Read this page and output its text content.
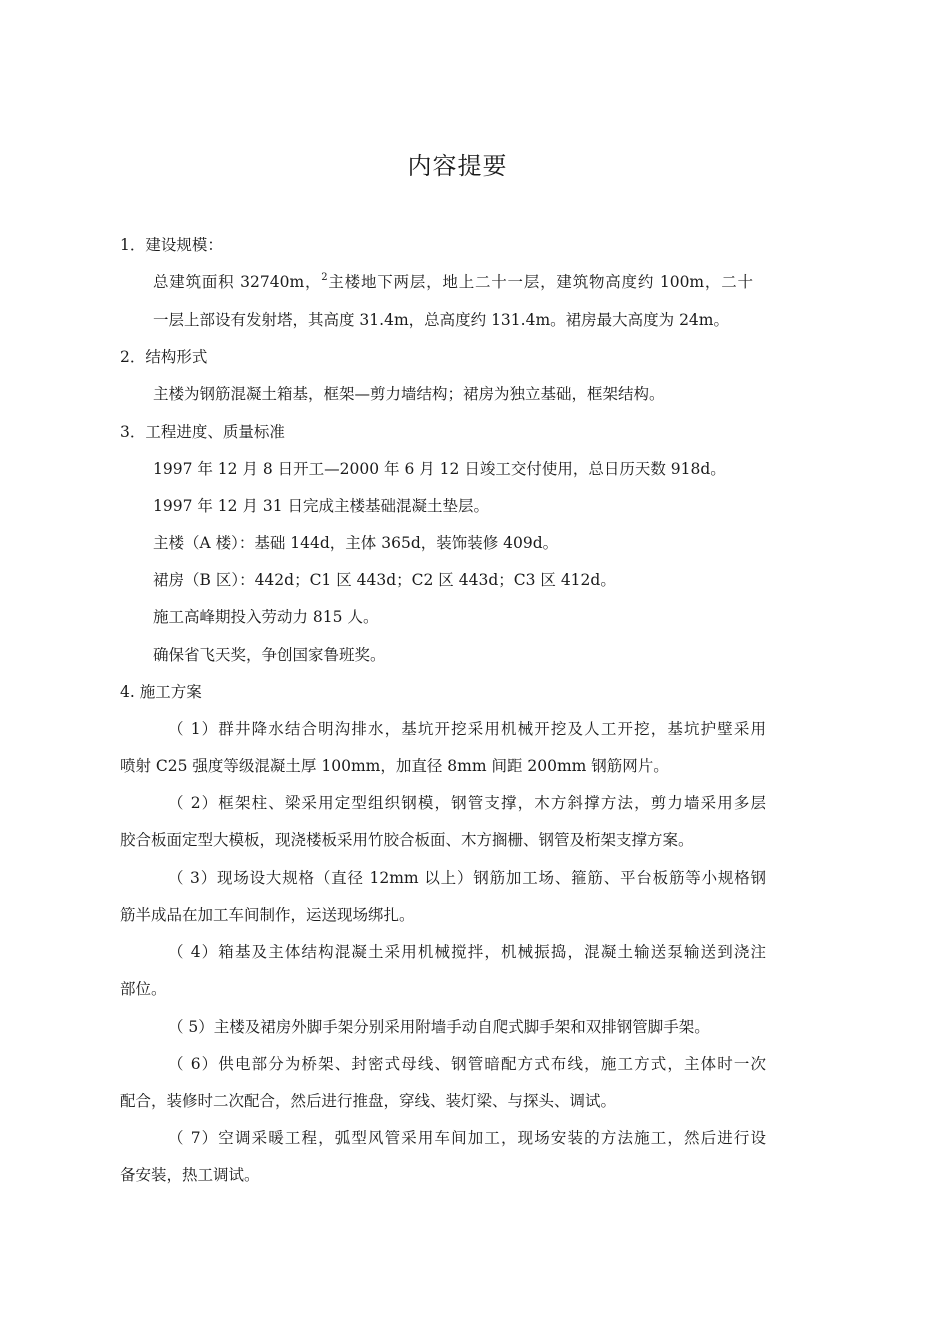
内容提要
1．建设规模：
总建筑面积 32740m，$^2$主楼地下两层，地上二十一层，建筑物高度约 100m，二十
一层上部设有发射塔，其高度 31.4m，总高度约 131.4m。裙房最大高度为 24m。
2．结构形式
主楼为钢筋混凝土箱基，框架—剪力墙结构；裙房为独立基础，框架结构。
3．工程进度、质量标准
1997 年 12 月 8 日开工—2000 年 6 月 12 日竣工交付使用，总日历天数 918d。
1997 年 12 月 31 日完成主楼基础混凝土垫层。
主楼（A 楼）：基础 144d，主体 365d，装饰装修 409d。
裙房（B 区）：442d；C1 区 443d；C2 区 443d；C3 区 412d。
施工高峰期投入劳动力 815 人。
确保省飞天奖，争创国家鲁班奖。
4. 施工方案
（ 1）群井降水结合明沟排水，基坑开挖采用机械开挖及人工开挖，基坑护壁采用
喷射 C25 强度等级混凝土厚 100mm，加直径 8mm 间距 200mm 钢筋网片。
（ 2）框架柱、梁采用定型组织钢模，钢管支撑，木方斜撑方法，剪力墙采用多层
胶合板面定型大模板，现浇楼板采用竹胶合板面、木方搁栅、钢管及桁架支撑方案。
（ 3）现场设大规格（直径 12mm 以上）钢筋加工场、箍筋、平台板筋等小规格钢
筋半成品在加工车间制作，运送现场绑扎。
（ 4）箱基及主体结构混凝土采用机械搅拌，机械振捣，混凝土输送泵输送到浇注
部位。
（ 5）主楼及裙房外脚手架分别采用附墙手动自爬式脚手架和双排钢管脚手架。
（ 6）供电部分为桥架、封密式母线、钢管暗配方式布线，施工方式，主体时一次
配合，装修时二次配合，然后进行推盘，穿线、装灯梁、与探头、调试。
（ 7）空调采暖工程，弧型风管采用车间加工，现场安装的方法施工，然后进行设
备安装，热工调试。
